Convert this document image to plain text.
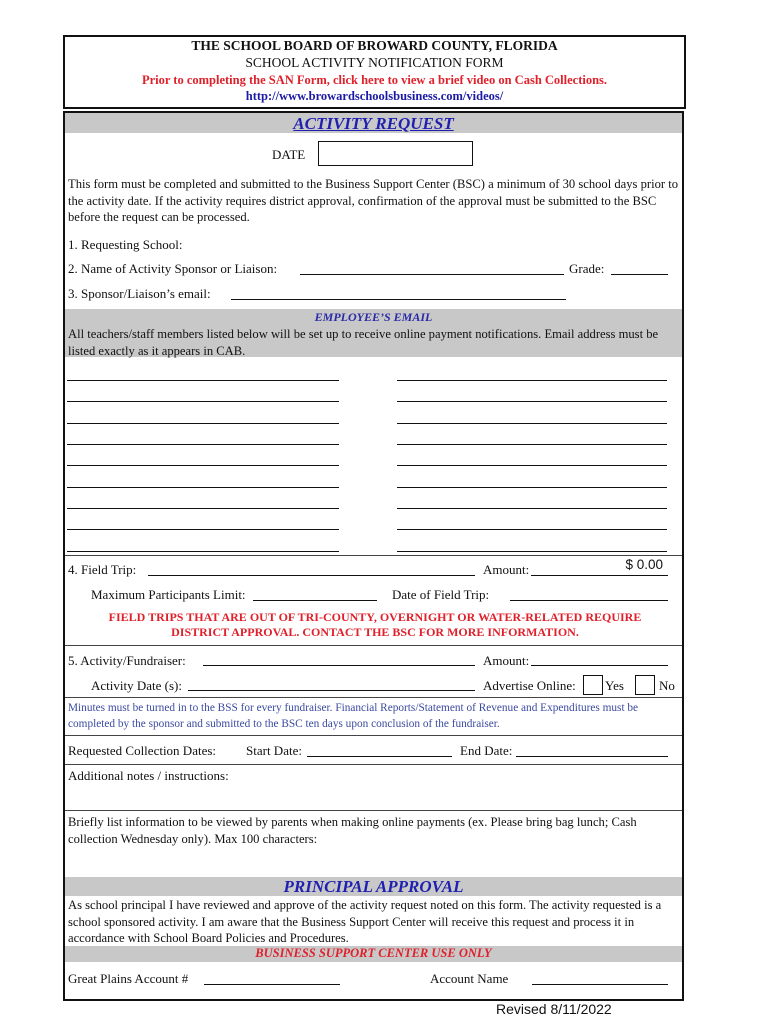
THE SCHOOL BOARD OF BROWARD COUNTY, FLORIDA
SCHOOL ACTIVITY NOTIFICATION FORM
Prior to completing the SAN Form, click here to view a brief video on Cash Collections.
http://www.browardschoolsbusiness.com/videos/
ACTIVITY REQUEST
DATE
This form must be completed and submitted to the Business Support Center (BSC) a minimum of 30 school days prior to the activity date. If the activity requires district approval, confirmation of the approval must be submitted to the BSC before the request can be processed.
1. Requesting School:
2. Name of Activity Sponsor or Liaison:	Grade:
3. Sponsor/Liaison’s email:
EMPLOYEE’S EMAIL
All teachers/staff members listed below will be set up to receive online payment notifications. Email address must be listed exactly as it appears in CAB.
4. Field Trip:	Amount:	$ 0.00
Maximum Participants Limit:	Date of Field Trip:
FIELD TRIPS THAT ARE OUT OF TRI-COUNTY, OVERNIGHT OR WATER-RELATED REQUIRE DISTRICT APPROVAL. CONTACT THE BSC FOR MORE INFORMATION.
5. Activity/Fundraiser:	Amount:
Activity Date (s):	Advertise Online: Yes	No
Minutes must be turned in to the BSS for every fundraiser. Financial Reports/Statement of Revenue and Expenditures must be completed by the sponsor and submitted to the BSC ten days upon conclusion of the fundraiser.
Requested Collection Dates: Start Date:	End Date:
Additional notes / instructions:
Briefly list information to be viewed by parents when making online payments (ex. Please bring bag lunch; Cash collection Wednesday only). Max 100 characters:
PRINCIPAL APPROVAL
As school principal I have reviewed and approve of the activity request noted on this form. The activity requested is a school sponsored activity. I am aware that the Business Support Center will receive this request and process it in accordance with School Board Policies and Procedures.
BUSINESS SUPPORT CENTER USE ONLY
Great Plains Account #	Account Name
Revised 8/11/2022
